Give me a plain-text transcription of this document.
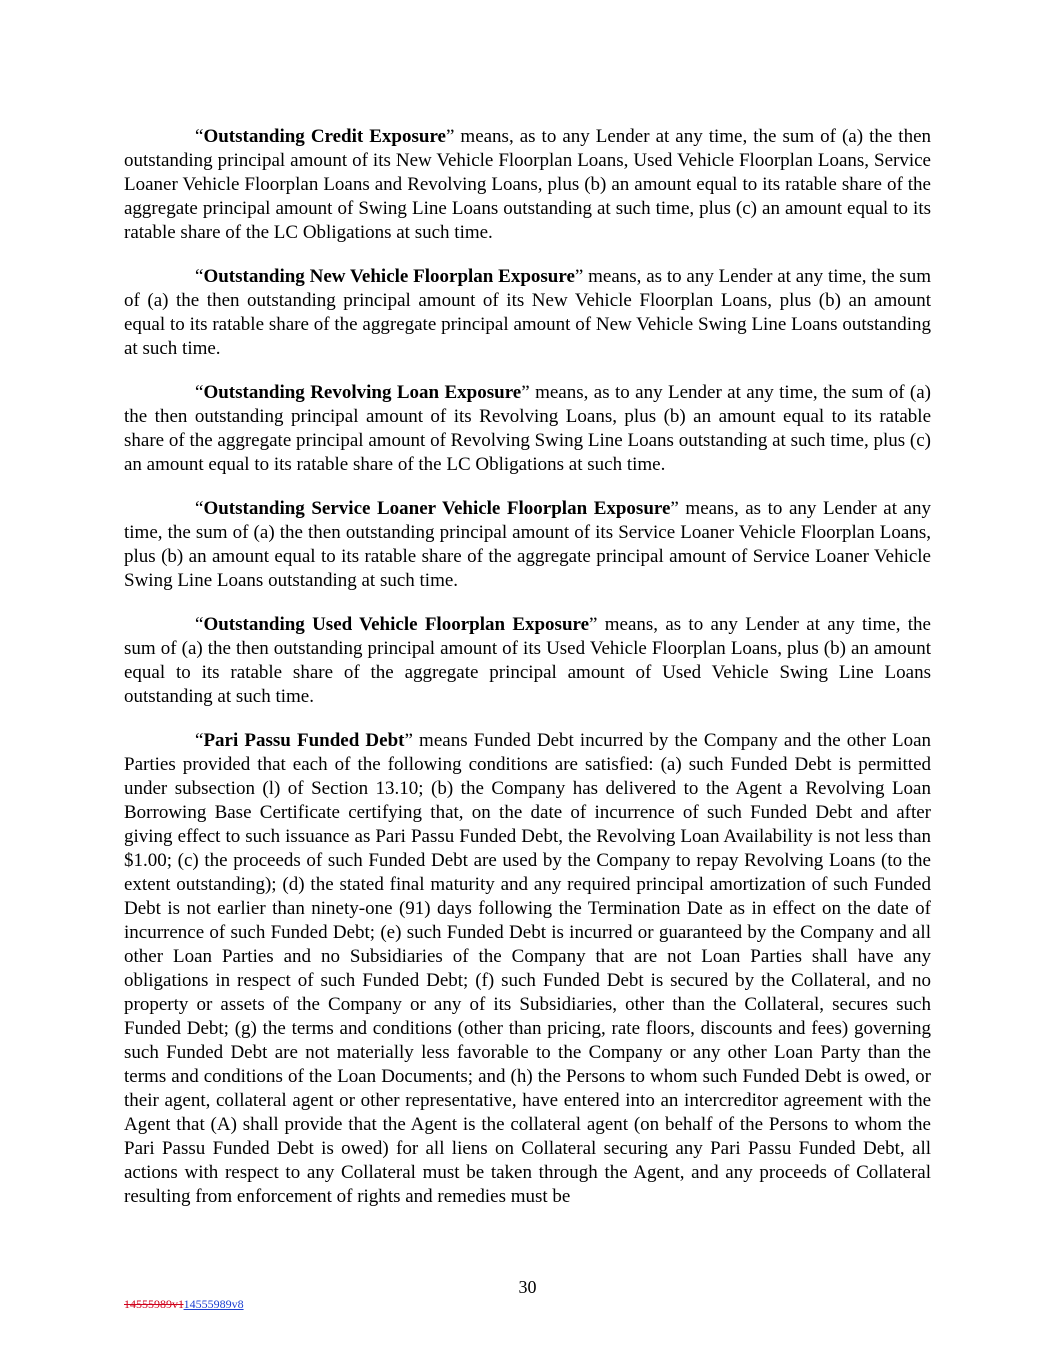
“Outstanding Credit Exposure” means, as to any Lender at any time, the sum of (a) the then outstanding principal amount of its New Vehicle Floorplan Loans, Used Vehicle Floorplan Loans, Service Loaner Vehicle Floorplan Loans and Revolving Loans, plus (b) an amount equal to its ratable share of the aggregate principal amount of Swing Line Loans outstanding at such time, plus (c) an amount equal to its ratable share of the LC Obligations at such time.

“Outstanding New Vehicle Floorplan Exposure” means, as to any Lender at any time, the sum of (a) the then outstanding principal amount of its New Vehicle Floorplan Loans, plus (b) an amount equal to its ratable share of the aggregate principal amount of New Vehicle Swing Line Loans outstanding at such time.

“Outstanding Revolving Loan Exposure” means, as to any Lender at any time, the sum of (a) the then outstanding principal amount of its Revolving Loans, plus (b) an amount equal to its ratable share of the aggregate principal amount of Revolving Swing Line Loans outstanding at such time, plus (c) an amount equal to its ratable share of the LC Obligations at such time.

“Outstanding Service Loaner Vehicle Floorplan Exposure” means, as to any Lender at any time, the sum of (a) the then outstanding principal amount of its Service Loaner Vehicle Floorplan Loans, plus (b) an amount equal to its ratable share of the aggregate principal amount of Service Loaner Vehicle Swing Line Loans outstanding at such time.

“Outstanding Used Vehicle Floorplan Exposure” means, as to any Lender at any time, the sum of (a) the then outstanding principal amount of its Used Vehicle Floorplan Loans, plus (b) an amount equal to its ratable share of the aggregate principal amount of Used Vehicle Swing Line Loans outstanding at such time.

“Pari Passu Funded Debt” means Funded Debt incurred by the Company and the other Loan Parties provided that each of the following conditions are satisfied: (a) such Funded Debt is permitted under subsection (l) of Section 13.10; (b) the Company has delivered to the Agent a Revolving Loan Borrowing Base Certificate certifying that, on the date of incurrence of such Funded Debt and after giving effect to such issuance as Pari Passu Funded Debt, the Revolving Loan Availability is not less than $1.00; (c) the proceeds of such Funded Debt are used by the Company to repay Revolving Loans (to the extent outstanding); (d) the stated final maturity and any required principal amortization of such Funded Debt is not earlier than ninety-one (91) days following the Termination Date as in effect on the date of incurrence of such Funded Debt; (e) such Funded Debt is incurred or guaranteed by the Company and all other Loan Parties and no Subsidiaries of the Company that are not Loan Parties shall have any obligations in respect of such Funded Debt; (f) such Funded Debt is secured by the Collateral, and no property or assets of the Company or any of its Subsidiaries, other than the Collateral, secures such Funded Debt; (g) the terms and conditions (other than pricing, rate floors, discounts and fees) governing such Funded Debt are not materially less favorable to the Company or any other Loan Party than the terms and conditions of the Loan Documents; and (h) the Persons to whom such Funded Debt is owed, or their agent, collateral agent or other representative, have entered into an intercreditor agreement with the Agent that (A) shall provide that the Agent is the collateral agent (on behalf of the Persons to whom the Pari Passu Funded Debt is owed) for all liens on Collateral securing any Pari Passu Funded Debt, all actions with respect to any Collateral must be taken through the Agent, and any proceeds of Collateral resulting from enforcement of rights and remedies must be

30
14555989v114555989v8
